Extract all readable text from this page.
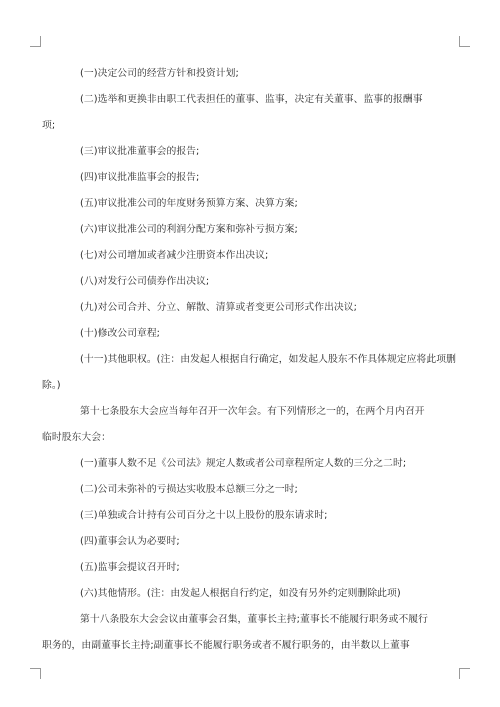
(一)决定公司的经营方针和投资计划;
(二)选举和更换非由职工代表担任的董事、监事，决定有关董事、监事的报酬事
项;
(三)审议批准董事会的报告;
(四)审议批准监事会的报告;
(五)审议批准公司的年度财务预算方案、决算方案;
(六)审议批准公司的利润分配方案和弥补亏损方案;
(七)对公司增加或者减少注册资本作出决议;
(八)对发行公司债券作出决议;
(九)对公司合并、分立、解散、清算或者变更公司形式作出决议;
(十)修改公司章程;
(十一)其他职权。(注：由发起人根据自行确定，如发起人股东不作具体规定应将此项删
除。)
第十七条股东大会应当每年召开一次年会。有下列情形之一的，在两个月内召开
临时股东大会：
(一)董事人数不足《公司法》规定人数或者公司章程所定人数的三分之二时;
(二)公司未弥补的亏损达实收股本总额三分之一时;
(三)单独或合计持有公司百分之十以上股份的股东请求时;
(四)董事会认为必要时;
(五)监事会提议召开时;
(六)其他情形。(注：由发起人根据自行约定，如没有另外约定则删除此项)
第十八条股东大会会议由董事会召集，董事长主持;董事长不能履行职务或不履行
职务的，由副董事长主持;副董事长不能履行职务或者不履行职务的，由半数以上董事
